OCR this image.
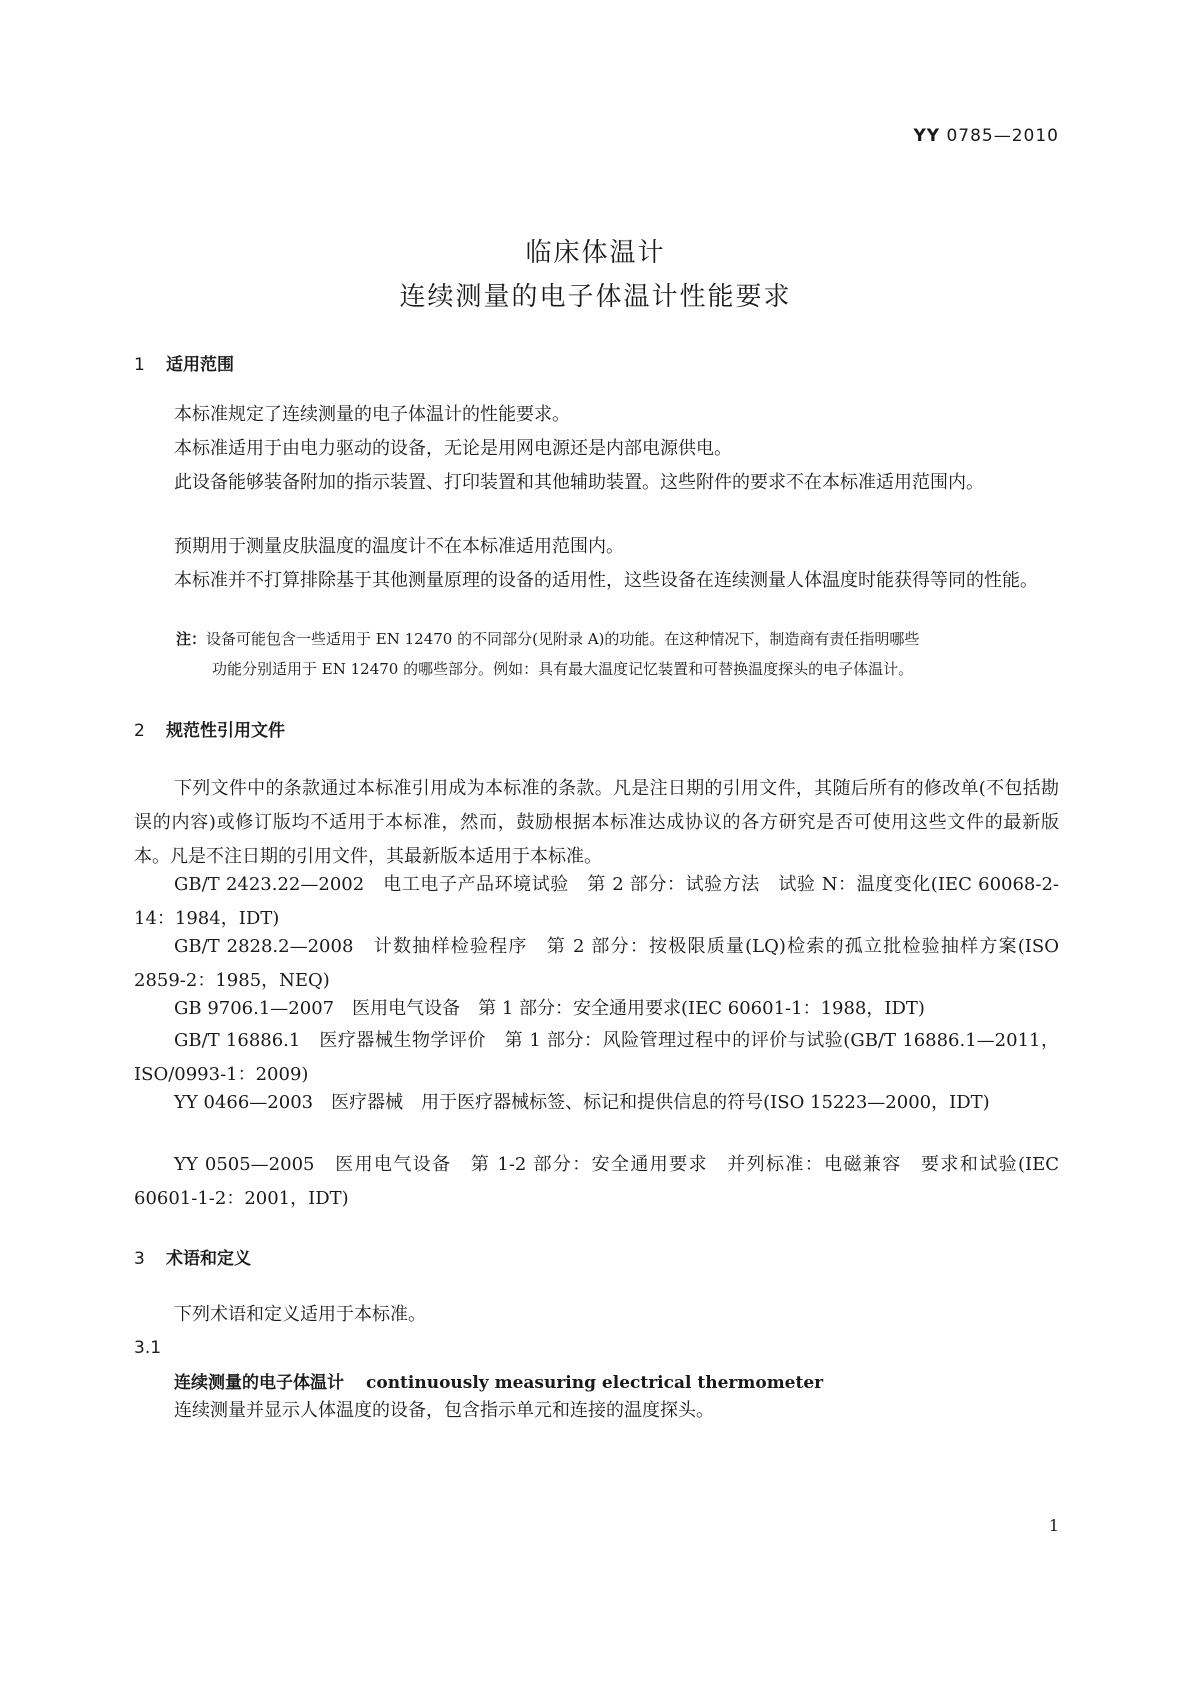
YY 0785—2010
临床体温计
连续测量的电子体温计性能要求
1 适用范围
本标准规定了连续测量的电子体温计的性能要求。
本标准适用于由电力驱动的设备，无论是用网电源还是内部电源供电。
此设备能够装备附加的指示装置、打印装置和其他辅助装置。这些附件的要求不在本标准适用范围内。
预期用于测量皮肤温度的温度计不在本标准适用范围内。
本标准并不打算排除基于其他测量原理的设备的适用性，这些设备在连续测量人体温度时能获得等同的性能。
注：设备可能包含一些适用于 EN 12470 的不同部分(见附录 A)的功能。在这种情况下，制造商有责任指明哪些
功能分别适用于 EN 12470 的哪些部分。例如：具有最大温度记忆装置和可替换温度探头的电子体温计。
2 规范性引用文件
下列文件中的条款通过本标准引用成为本标准的条款。凡是注日期的引用文件，其随后所有的修改单(不包括勘误的内容)或修订版均不适用于本标准，然而，鼓励根据本标准达成协议的各方研究是否可使用这些文件的最新版本。凡是不注日期的引用文件，其最新版本适用于本标准。
GB/T 2423.22—2002　电工电子产品环境试验　第 2 部分：试验方法　试验 N：温度变化(IEC 60068-2-14：1984，IDT)
GB/T 2828.2—2008　计数抽样检验程序　第 2 部分：按极限质量(LQ)检索的孤立批检验抽样方案(ISO 2859-2：1985，NEQ)
GB 9706.1—2007　医用电气设备　第 1 部分：安全通用要求(IEC 60601-1：1988，IDT)
GB/T 16886.1　医疗器械生物学评价　第 1 部分：风险管理过程中的评价与试验(GB/T 16886.1—2011，ISO/0993-1：2009)
YY 0466—2003　医疗器械　用于医疗器械标签、标记和提供信息的符号(ISO 15223—2000，IDT)
YY 0505—2005　医用电气设备　第 1-2 部分：安全通用要求　并列标准：电磁兼容　要求和试验(IEC 60601-1-2：2001，IDT)
3 术语和定义
下列术语和定义适用于本标准。
3.1
连续测量的电子体温计 continuously measuring electrical thermometer
连续测量并显示人体温度的设备，包含指示单元和连接的温度探头。
1
